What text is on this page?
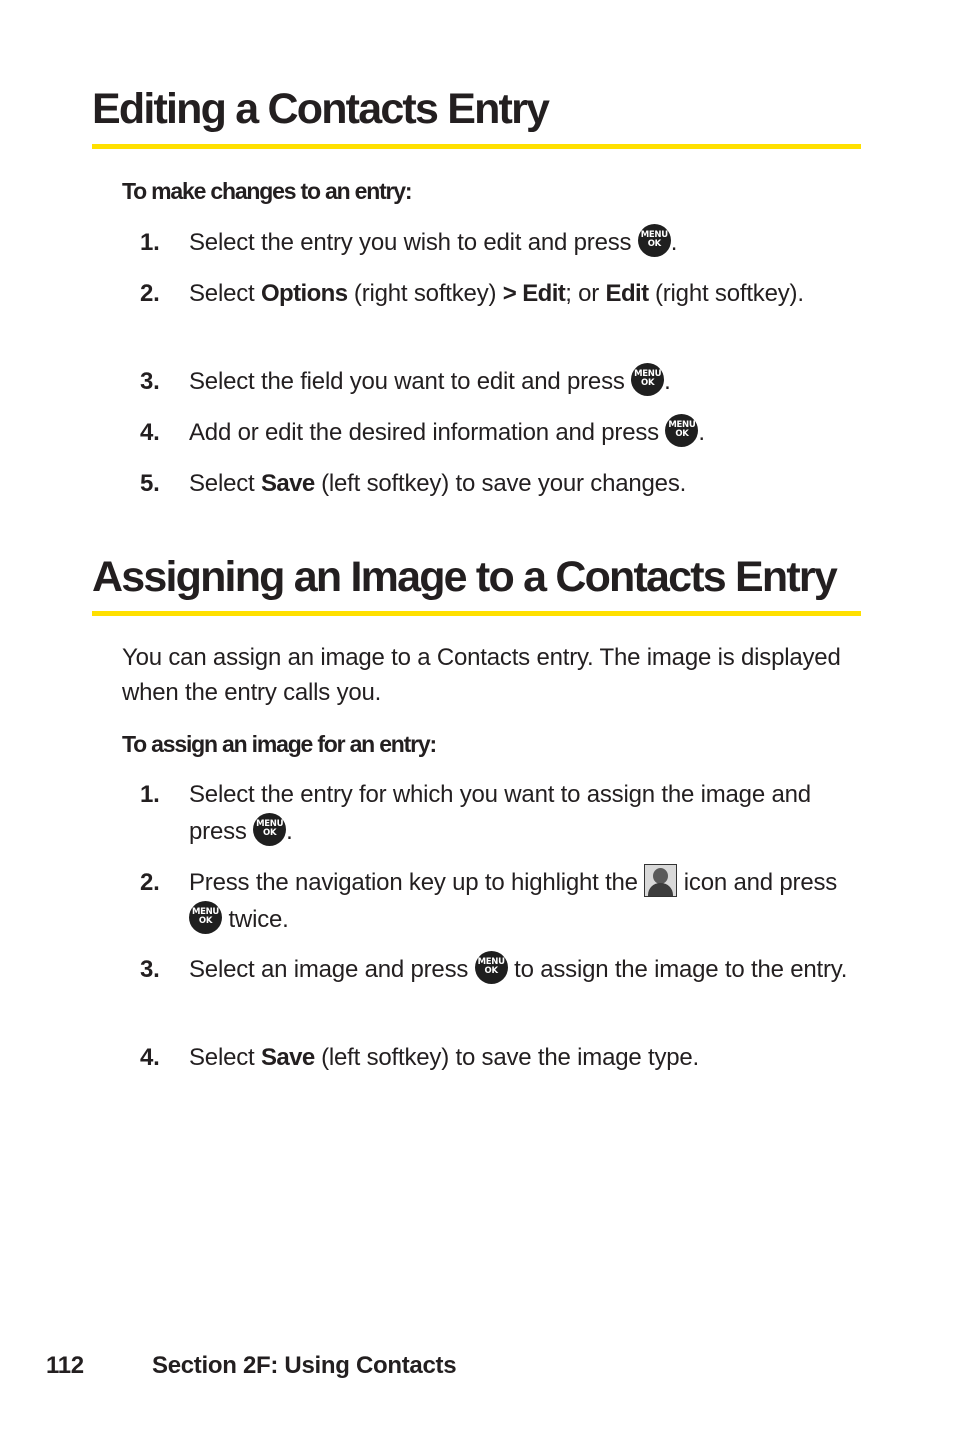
Editing a Contacts Entry

To make changes to an entry:

1. Select the entry you wish to edit and press MENU
OK .
2. Select Options (right softkey) > Edit; or Edit (right softkey).
3. Select the field you want to edit and press MENU
OK .
4. Add or edit the desired information and press MENU
OK .
5. Select Save (left softkey) to save your changes.
Assigning an Image to a Contacts Entry

You can assign an image to a Contacts entry. The image is displayed when the entry calls you.

To assign an image for an entry:

1. Select the entry for which you want to assign the image and press MENU
OK .
2. Press the navigation key up to highlight the
icon and press
MENU
OK twice.
3. Select an image and press MENU
OK to assign the image to the entry.
4. Select Save (left softkey) to save the image type.
112	Section 2F: Using Contacts
